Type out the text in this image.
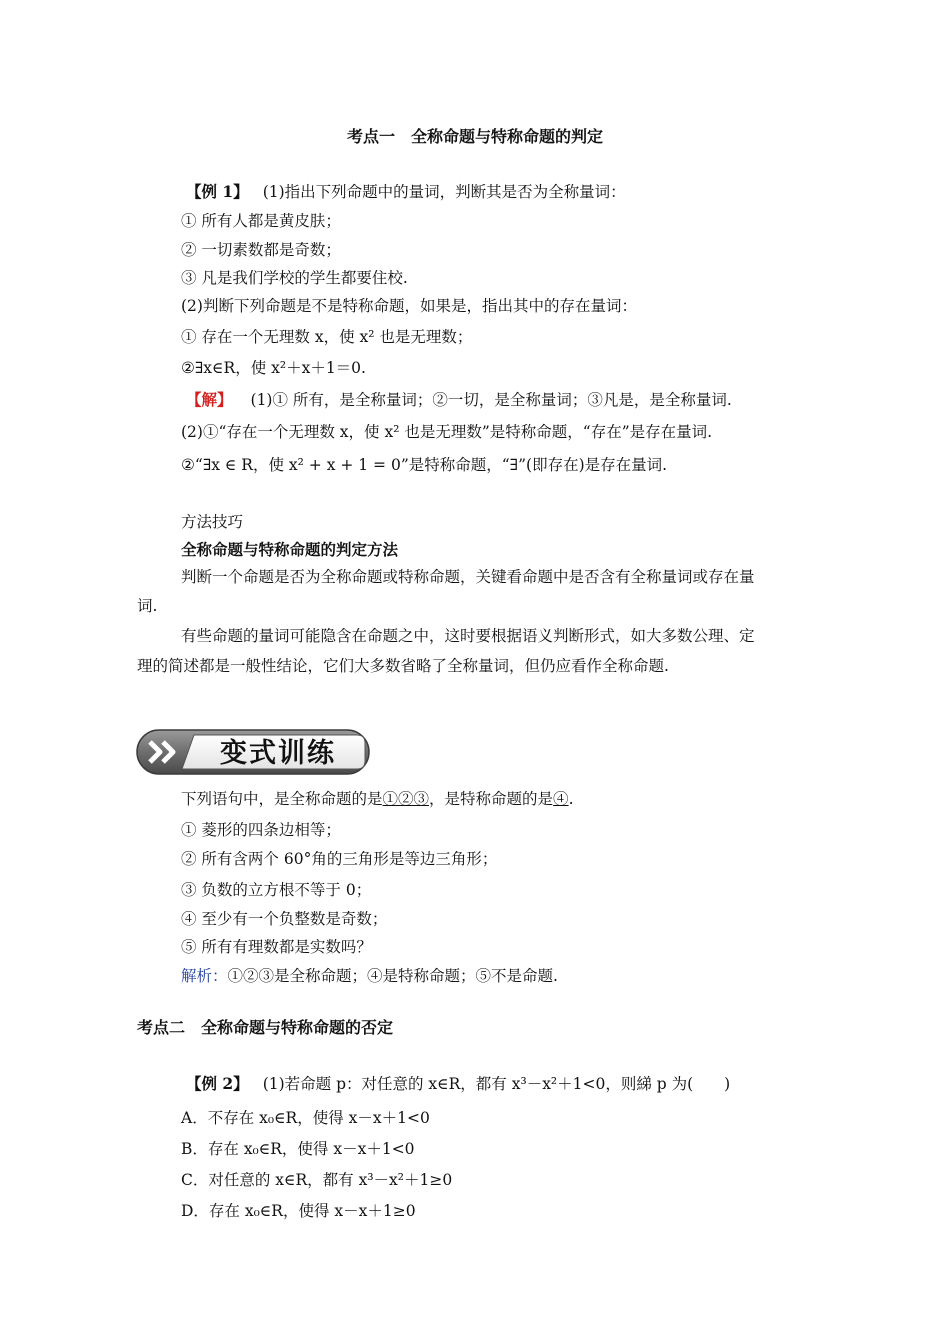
考点一　全称命题与特称命题的判定
【例 1】 (1)指出下列命题中的量词，判断其是否为全称量词：
① 所有人都是黄皮肤；
② 一切素数都是奇数；
③ 凡是我们学校的学生都要住校.
(2)判断下列命题是不是特称命题，如果是，指出其中的存在量词：
① 存在一个无理数 x，使 x² 也是无理数；
②∃x∈R，使 x²＋x＋1＝0.
【解】 (1)① 所有，是全称量词；②一切，是全称量词；③凡是，是全称量词.
(2)①“存在一个无理数 x，使 x² 也是无理数”是特称命题，“存在”是存在量词.
②“∃x ∈ R，使 x² + x + 1 = 0”是特称命题，“∃”(即存在)是存在量词.
方法技巧
全称命题与特称命题的判定方法
判断一个命题是否为全称命题或特称命题，关键看命题中是否含有全称量词或存在量
词.
有些命题的量词可能隐含在命题之中，这时要根据语义判断形式，如大多数公理、定
理的简述都是一般性结论，它们大多数省略了全称量词，但仍应看作全称命题.
变式训练
下列语句中，是全称命题的是①②③，是特称命题的是④.
① 菱形的四条边相等；
② 所有含两个 60°角的三角形是等边三角形；
③ 负数的立方根不等于 0；
④ 至少有一个负整数是奇数；
⑤ 所有有理数都是实数吗？
解析：①②③是全称命题；④是特称命题；⑤不是命题.
考点二　全称命题与特称命题的否定
【例 2】 (1)若命题 p：对任意的 x∈R，都有 x³－x²＋1<0，则綈 p 为(　　)
A．不存在 x₀∈R，使得 x－x＋1<0
B．存在 x₀∈R，使得 x－x＋1<0
C．对任意的 x∈R，都有 x³－x²＋1≥0
D．存在 x₀∈R，使得 x－x＋1≥0
